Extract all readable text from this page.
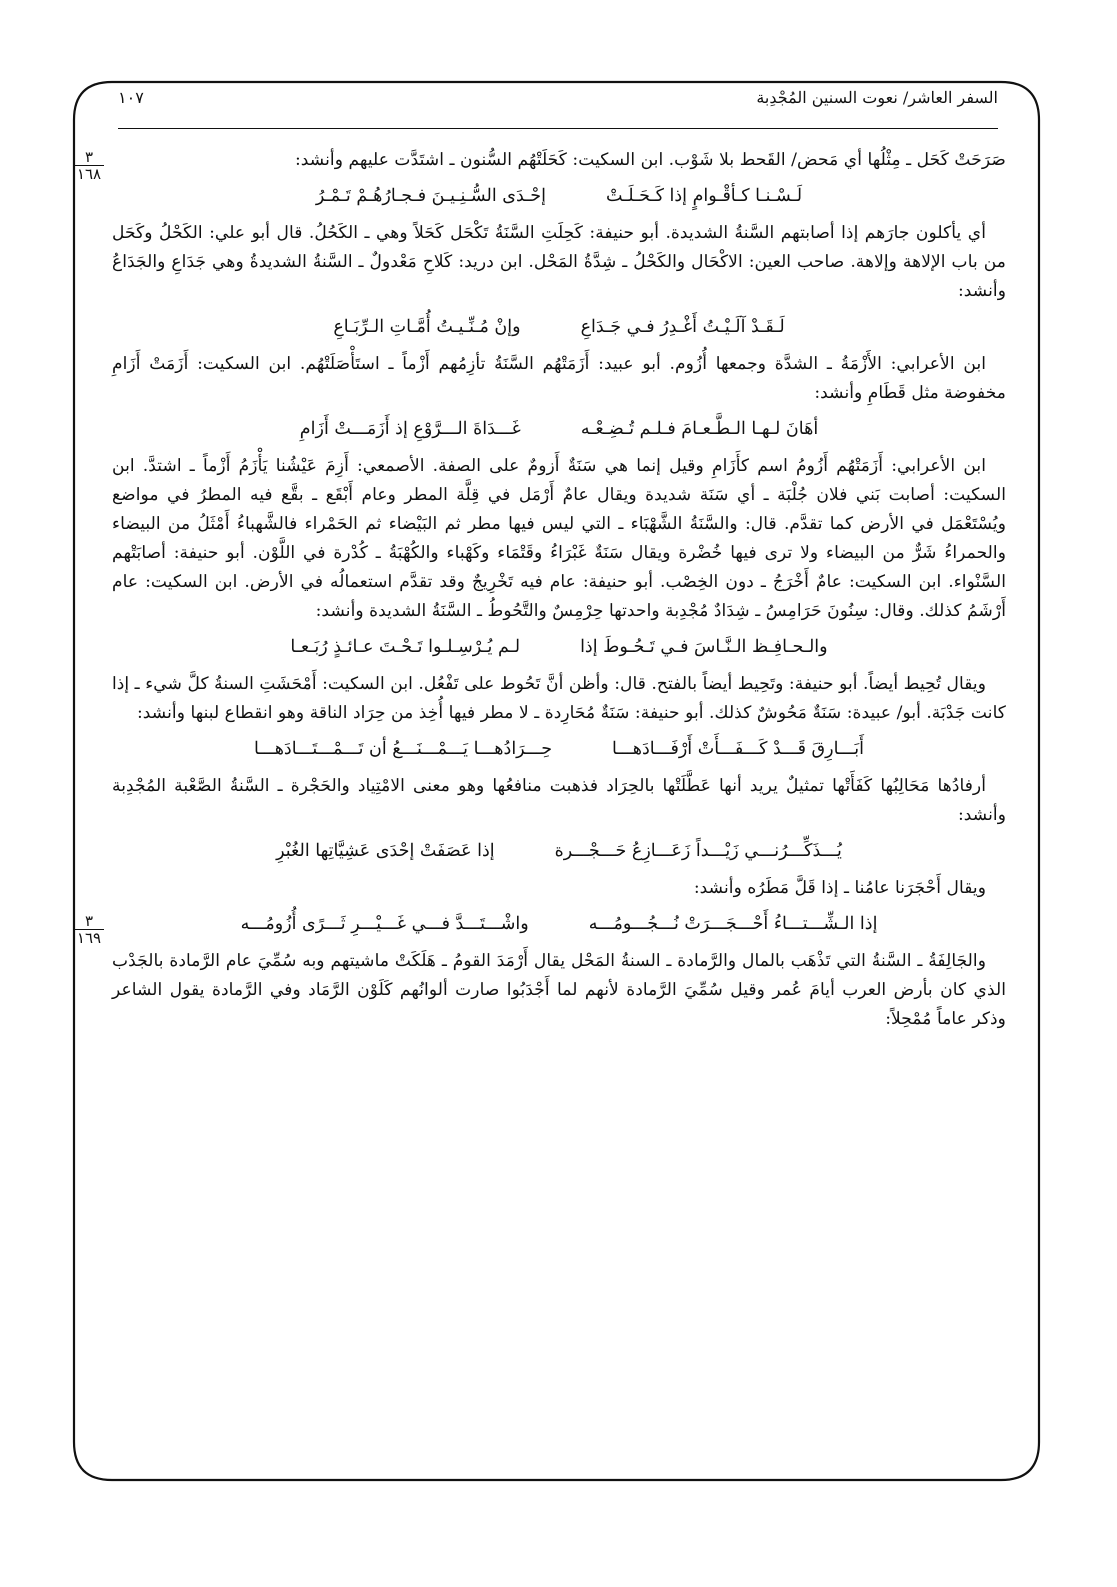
السفر العاشر/ نعوت السنين المُجْدِبة
١٠٧
٣
١٦٨
٣
١٦٩

صَرَحَتْ كَحَل ـ مِثْلُها أي مَحض/ القَحط بلا شَوْب. ابن السكيت: كَحَلَتْهُم السُّنون ـ اشتَدَّت عليهم وأنشد:

لَـسْـنـا كـأقْـوامٍ إذا كَـحَـلَـتْ
إحْـدَى السُّـنِـيـنَ فـجـارُهُـمْ تَـمْـرُ

أي يأكلون جارَهم إذا أصابتهم السَّنةُ الشديدة. أبو حنيفة: كَحِلَتِ السَّنَةُ تَكْحَل كَحَلاً وهي ـ الكَحُلُ. قال أبو علي: الكَحْلُ وكَحَل من باب الإلاهة وإلاهة. صاحب العين: الاكْحَال والكَحْلُ ـ شِدَّةُ المَحْل. ابن دريد: كَلاحِ مَعْدولٌ ـ السَّنةُ الشديدةُ وهي جَدَاعِ والجَدَاعُ وأنشد:

لَـقَـدْ آلَـيْـتُ أَغْـدِرُ فـي جَـدَاعِ
وإنْ مُـنِّـيـتُ أُمَّـاتِ الـرِّبَـاعِ

ابن الأعرابي: الأَزْمَةُ ـ الشدَّة وجمعها أُزُوم. أبو عبيد: أَزَمَتْهُم السَّنَةُ تأزِمُهم أَزْماً ـ استَأْصَلَتْهُم. ابن السكيت: أَزَمَتْ أَزَامِ مخفوضة مثل قَطَامِ وأنشد:

أهَانَ لـهـا الـطَّـعـامَ فـلـم تُـضِـعْـه
غَـــدَاةَ الـــرَّوْعِ إذ أَزَمَـــتْ أَزَامِ

ابن الأعرابي: أَزَمَتْهُم أَزُومُ اسم كأَزَامِ وقيل إنما هي سَنَةٌ أَزومٌ على الصفة. الأصمعي: أَزِمَ عَيْشُنا يَأْزَمُ أَزْماً ـ اشتدَّ. ابن السكيت: أصابت بَني فلان جُلْبَة ـ أي سَنَة شديدة ويقال عامٌ أَرْمَل في قِلَّة المطر وعام أَبْقَع ـ بقَّع فيه المطرُ في مواضع ويُسْتَعْمَل في الأرض كما تقدَّم. قال: والسَّنَةُ الشَّهْبَاء ـ التي ليس فيها مطر ثم البَيْضاء ثم الحَمْراء فالشَّهباءُ أَمْثَلُ من البيضاء والحمراءُ شَرٌّ من البيضاء ولا ترى فيها خُضْرة ويقال سَنَةٌ غَبْرَاءُ وقَتْمَاء وكَهْباء والكُهْبَةُ ـ كُدْرة في اللَّوْن. أبو حنيفة: أصابَتْهم السَّنْواء. ابن السكيت: عامٌ أَخْرَجُ ـ دون الخِصْب. أبو حنيفة: عام فيه تَخْرِيجٌ وقد تقدَّم استعمالُه في الأرض. ابن السكيت: عام أَرْشَمُ كذلك. وقال: سِنُونَ حَرَامِسُ ـ شِدَادٌ مُجْدِبة واحدتها حِرْمِسٌ والتَّحُوطُ ـ السَّنَةُ الشديدة وأنشد:

والـحـافِـظ الـنَّـاسَ فـي تَـحُـوطَ إذا
لـم يُـرْسِـلـوا تَـحْـتَ عـائـذٍ رُبَـعـا

ويقال تُحِيط أيضاً. أبو حنيفة: وتَحِيط أيضاً بالفتح. قال: وأظن أنَّ تَحُوط على تَفْعُل. ابن السكيت: أَمْحَشَتِ السنةُ كلَّ شيء ـ إذا كانت جَدْبَة. أبو/ عبيدة: سَنَةٌ مَحُوشٌ كذلك. أبو حنيفة: سَنَةٌ مُحَارِدة ـ لا مطر فيها أُخِذ من حِرَاد الناقة وهو انقطاع لبنها وأنشد:

أَبَـــارِقَ قَـــدْ كَـــفَـــأَتْ أَرْفَـــادَهـــا
حِـــرَادُهـــا يَـــمْـــنَـــعُ أن تَـــمْـــتَـــادَهـــا

أرفادُها مَحَالِبُها كَفَأَتْها تمثيلٌ يريد أنها عَطَّلَتْها بالحِرَاد فذهبت منافعُها وهو معنى الامْتِياد والحَجْرة ـ السَّنةُ الصَّعْبة المُجْدِبة وأنشد:

يُـــذَكِّـــرُنـــي زَيْـــداً زَعَـــازِعُ حَـــجْـــرة
إذا عَصَفَتْ إحْدَى عَشِيَّاتِها الغُبْرِ

ويقال أَحْجَرَنا عامُنا ـ إذا قَلَّ مَطَرُه وأنشد:

إذا الـشِّـــتـــاءُ أَحْـــجَـــرَتْ نُـــجُـــومُـــه
واشْـــتَـــدَّ فـــي غَـــيْـــرِ ثَـــرًى أُزُومُـــه

والجَالِفَةُ ـ السَّنةُ التي تَذْهَب بالمال والرَّمادة ـ السنةُ المَحْل يقال أَرْمَدَ القومُ ـ هَلَكَتْ ماشيتهم وبه سُمِّيَ عام الرَّمادة بالجَدْب الذي كان بأرض العرب أيامَ عُمر وقيل سُمِّيَ الرَّمادة لأنهم لما أَجْدَبُوا صارت ألوانُهم كَلَوْن الرَّمَاد وفي الرَّمادة يقول الشاعر وذكر عاماً مُمْحِلاً:
